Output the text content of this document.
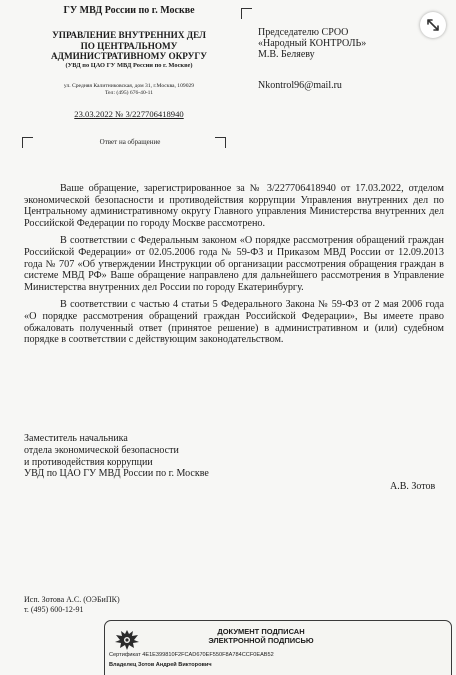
ГУ МВД России по г. Москве
УПРАВЛЕНИЕ ВНУТРЕННИХ ДЕЛ
ПО ЦЕНТРАЛЬНОМУ
АДМИНИСТРАТИВНОМУ ОКРУГУ
(УВД по ЦАО ГУ МВД России по г. Москве)
ул. Средняя Калитниковская, дом 31, г.Москва, 109029
Тел: (495) 676-40-11
23.03.2022 № 3/227706418940
Ответ на обращение
Председателю СРОО
«Народный КОНТРОЛЬ»
М.В. Беляеву
Nkontrol96@mail.ru

Ваше обращение, зарегистрированное за № 3/227706418940 от 17.03.2022, отделом экономической безопасности и противодействия коррупции Управления внутренних дел по Центральному административному округу Главного управления Министерства внутренних дел Российской Федерации по городу Москве рассмотрено.

В соответствии с Федеральным законом «О порядке рассмотрения обращений граждан Российской Федерации» от 02.05.2006 года № 59-ФЗ и Приказом МВД России от 12.09.2013 года № 707 «Об утверждении Инструкции об организации рассмотрения обращения граждан в системе МВД РФ» Ваше обращение направлено для дальнейшего рассмотрения в Управление Министерства внутренних дел России по городу Екатеринбургу.

В соответствии с частью 4 статьи 5 Федерального Закона № 59-ФЗ от 2 мая 2006 года «О порядке рассмотрения обращений граждан Российской Федерации», Вы имеете право обжаловать полученный ответ (принятое решение) в административном и (или) судебном порядке в соответствии с действующим законодательством.

Заместитель начальника
отдела экономической безопасности
и противодействия коррупции
УВД по ЦАО ГУ МВД России по г. Москве
А.В. Зотов
Исп. Зотова А.С. (ОЭБиПК)
т. (495) 600-12-91
ДОКУМЕНТ ПОДПИСАН
ЭЛЕКТРОННОЙ ПОДПИСЬЮ
Сертификат 4E1E399810F2FCAD670EF550F8A784CCF0EAB52
Владелец Зотов Андрей Викторович
